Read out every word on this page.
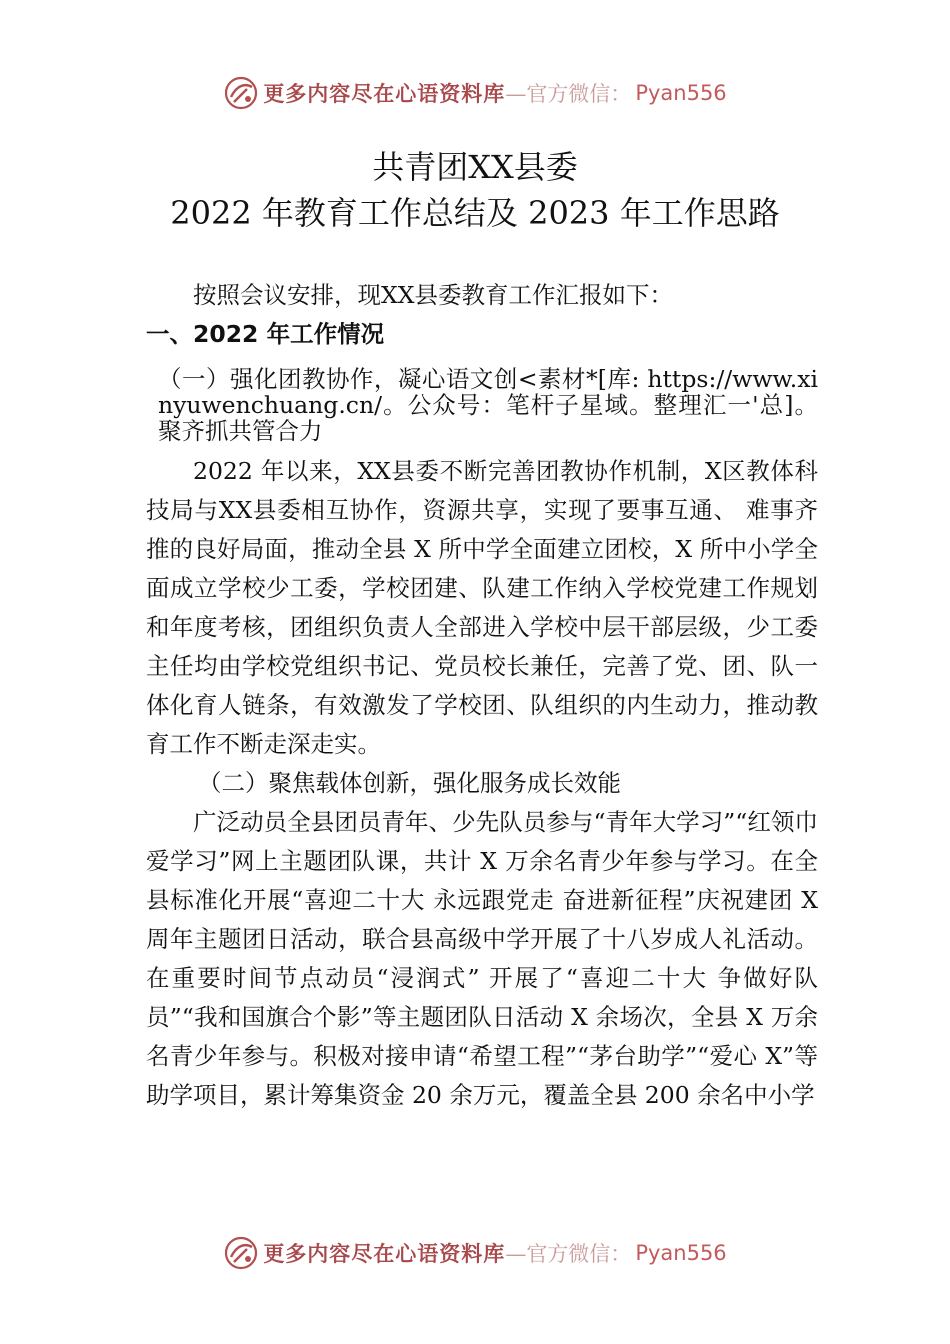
更多内容尽在心语资料库 —官方微信： Pyan556
共青团XX县委
2022 年教育工作总结及 2023 年工作思路

按照会议安排，现XX县委教育工作汇报如下：

一、2022 年工作情况

（一）强化团教协作，凝心语文创<素材*[库: https://www.xinyuwenchuang.cn/。公众号：笔杆子星域。整理汇一'总]。聚齐抓共管合力

2022 年以来，XX县委不断完善团教协作机制，X区教体科技局与XX县委相互协作，资源共享，实现了要事互通、 难事齐推的良好局面，推动全县 X 所中学全面建立团校，X 所中小学全面成立学校少工委，学校团建、队建工作纳入学校党建工作规划和年度考核，团组织负责人全部进入学校中层干部层级，少工委主任均由学校党组织书记、党员校长兼任，完善了党、团、队一体化育人链条，有效激发了学校团、队组织的内生动力，推动教育工作不断走深走实。

（二）聚焦载体创新，强化服务成长效能

广泛动员全县团员青年、少先队员参与“青年大学习”“红领巾爱学习”网上主题团队课，共计 X 万余名青少年参与学习。在全县标准化开展“喜迎二十大 永远跟党走 奋进新征程”庆祝建团 X 周年主题团日活动，联合县高级中学开展了十八岁成人礼活动。在重要时间节点动员“浸润式” 开展了“喜迎二十大 争做好队员”“我和国旗合个影”等主题团队日活动 X 余场次，全县 X 万余名青少年参与。积极对接申请“希望工程”“茅台助学”“爱心 X”等助学项目，累计筹集资金 20 余万元，覆盖全县 200 余名中小学

更多内容尽在心语资料库 —官方微信： Pyan556
